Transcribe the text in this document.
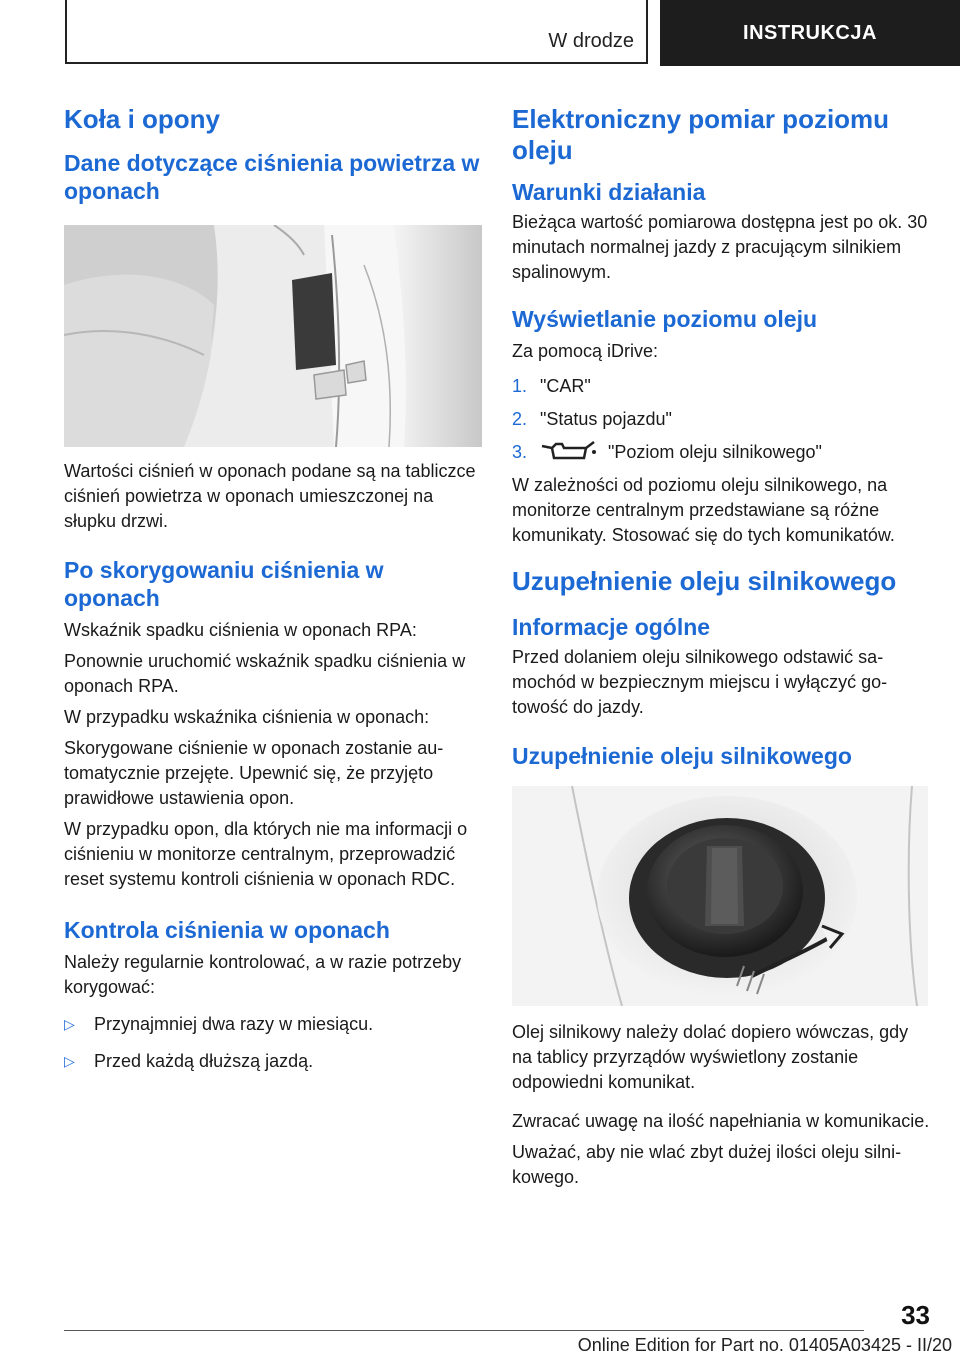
W drodze	INSTRUKCJA
Koła i opony
Dane dotyczące ciśnienia powietrza w oponach

Wartości ciśnień w oponach podane są na tabliczce ciśnień powietrza w oponach umieszczonej na słupku drzwi.

Po skorygowaniu ciśnienia w oponach

Wskaźnik spadku ciśnienia w oponach RPA:

Ponownie uruchomić wskaźnik spadku ciśnienia w oponach RPA.

W przypadku wskaźnika ciśnienia w oponach:

Skorygowane ciśnienie w oponach zostanie automatycznie przejęte. Upewnić się, że przyjęto prawidłowe ustawienia opon.

W przypadku opon, dla których nie ma informacji o ciśnieniu w monitorze centralnym, przeprowadzić reset systemu kontroli ciśnienia w oponach RDC.

Kontrola ciśnienia w oponach

Należy regularnie kontrolować, a w razie potrzeby korygować:

▷	Przynajmniej dwa razy w miesiącu.
▷	Przed każdą dłuższą jazdą.
Elektroniczny pomiar poziomu oleju
Warunki działania

Bieżąca wartość pomiarowa dostępna jest po ok. 30 minutach normalnej jazdy z pracującym silnikiem spalinowym.

Wyświetlanie poziomu oleju

Za pomocą iDrive:

1. "CAR"
2. "Status pojazdu"
3.	"Poziom oleju silnikowego"

W zależności od poziomu oleju silnikowego, na monitorze centralnym przedstawiane są różne komunikaty. Stosować się do tych komunikatów.

Uzupełnienie oleju silnikowego
Informacje ogólne

Przed dolaniem oleju silnikowego odstawić samochód w bezpiecznym miejscu i wyłączyć gotowość do jazdy.

Uzupełnienie oleju silnikowego

Olej silnikowy należy dolać dopiero wówczas, gdy na tablicy przyrządów wyświetlony zostanie odpowiedni komunikat.

Zwracać uwagę na ilość napełniania w komunikacie.

Uważać, aby nie wlać zbyt dużej ilości oleju silnikowego.

33
Online Edition for Part no. 01405A03425 - II/20
